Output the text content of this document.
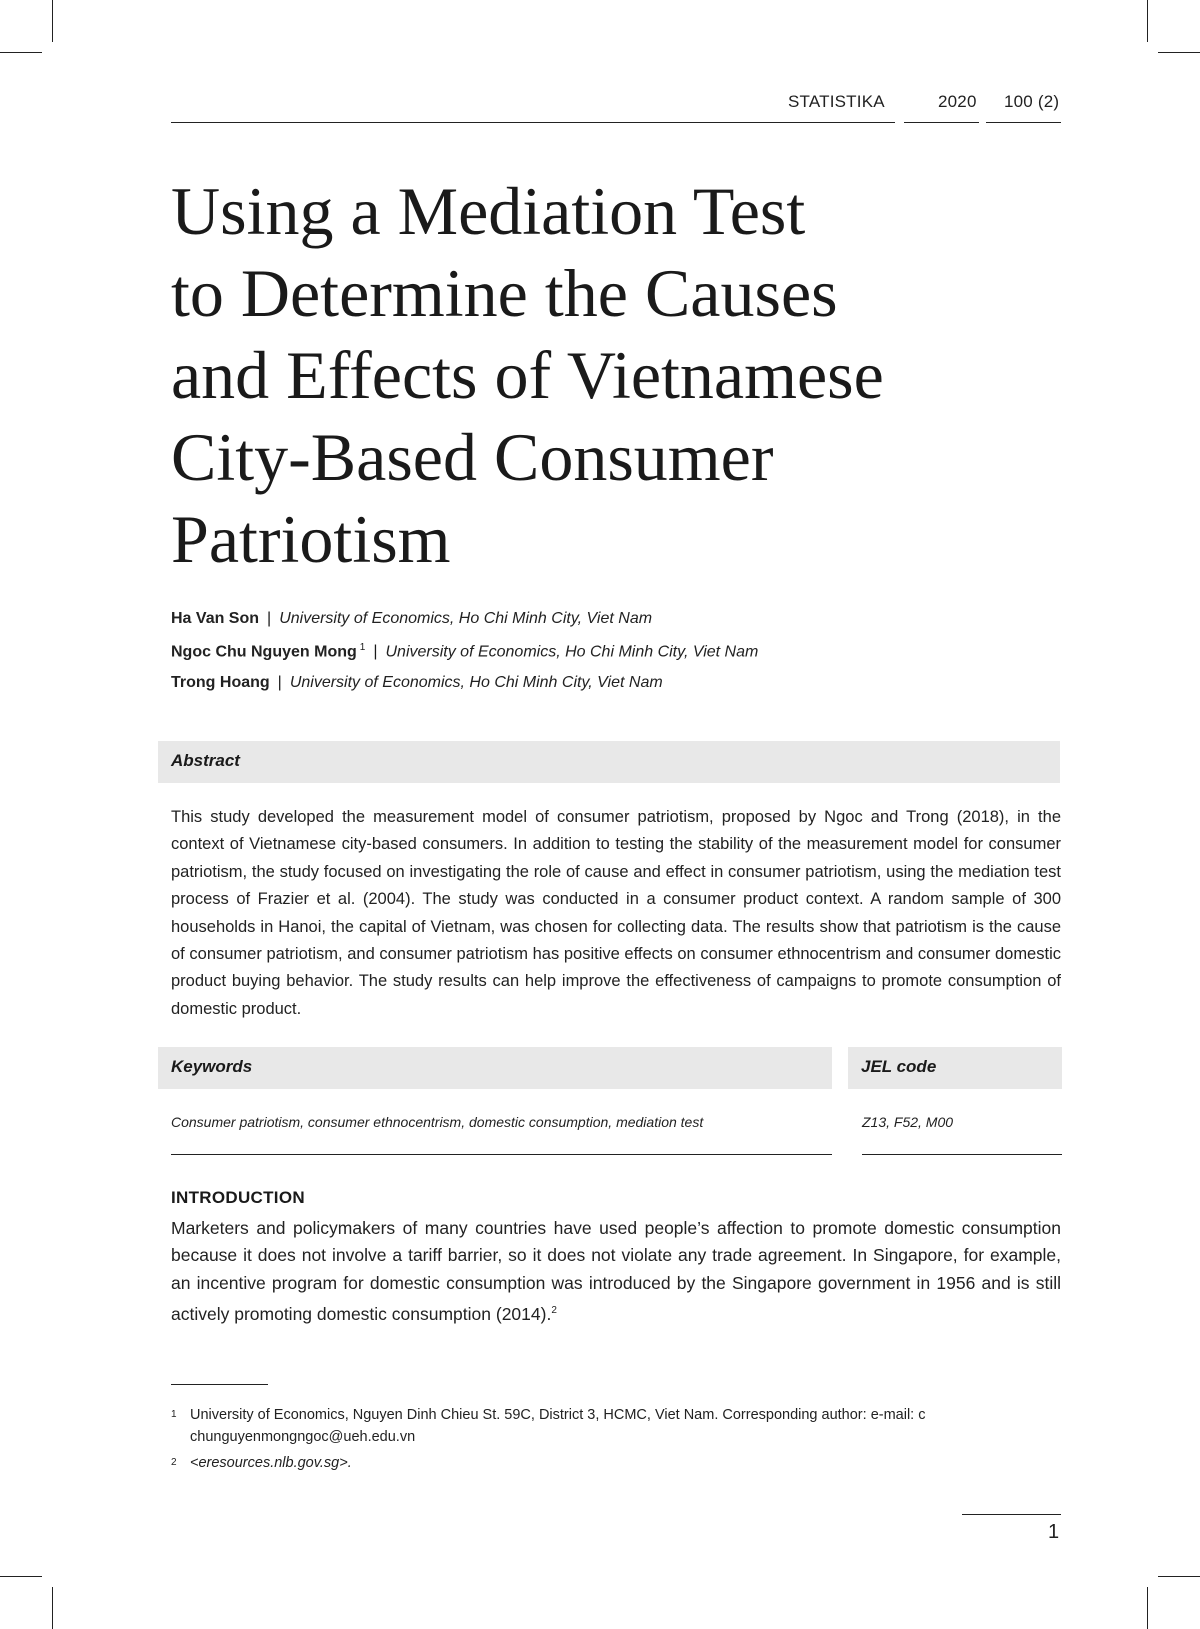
STATISTIKA	2020 100 (2)
Using a Mediation Test
to Determine the Causes
and Effects of Vietnamese
City-Based Consumer
Patriotism
Ha Van Son | University of Economics, Ho Chi Minh City, Viet Nam
Ngoc Chu Nguyen Mong $^1$ | University of Economics, Ho Chi Minh City, Viet Nam
Trong Hoang | University of Economics, Ho Chi Minh City, Viet Nam
Abstract

This study developed the measurement model of consumer patriotism, proposed by Ngoc and Trong (2018), in the context of Vietnamese city-based consumers. In addition to testing the stability of the measurement model for consumer patriotism, the study focused on investigating the role of cause and effect in consumer patriotism, using the mediation test process of Frazier et al. (2004). The study was conducted in a consumer product context. A random sample of 300 households in Hanoi, the capital of Vietnam, was chosen for collecting data. The results show that patriotism is the cause of consumer patriotism, and consumer patriotism has positive effects on consumer ethnocentrism and consumer domestic product buying behavior. The study results can help improve the effectiveness of campaigns to promote consumption of domestic product.

Keywords	JEL code
Consumer patriotism, consumer ethnocentrism, domestic consumption, mediation test	Z13, F52, M00
INTRODUCTION

Marketers and policymakers of many countries have used people’s affection to promote domestic consumption because it does not involve a tariff barrier, so it does not violate any trade agreement. In Singapore, for example, an incentive program for domestic consumption was introduced by the Singapore government in 1956 and is still actively promoting domestic consumption (2014).$^2$

1 University of Economics, Nguyen Dinh Chieu St. 59C, District 3, HCMC, Viet Nam. Corresponding author: e-mail: c chunguyenmongngoc@ueh.edu.vn
2 <eresources.nlb.gov.sg>.
1
